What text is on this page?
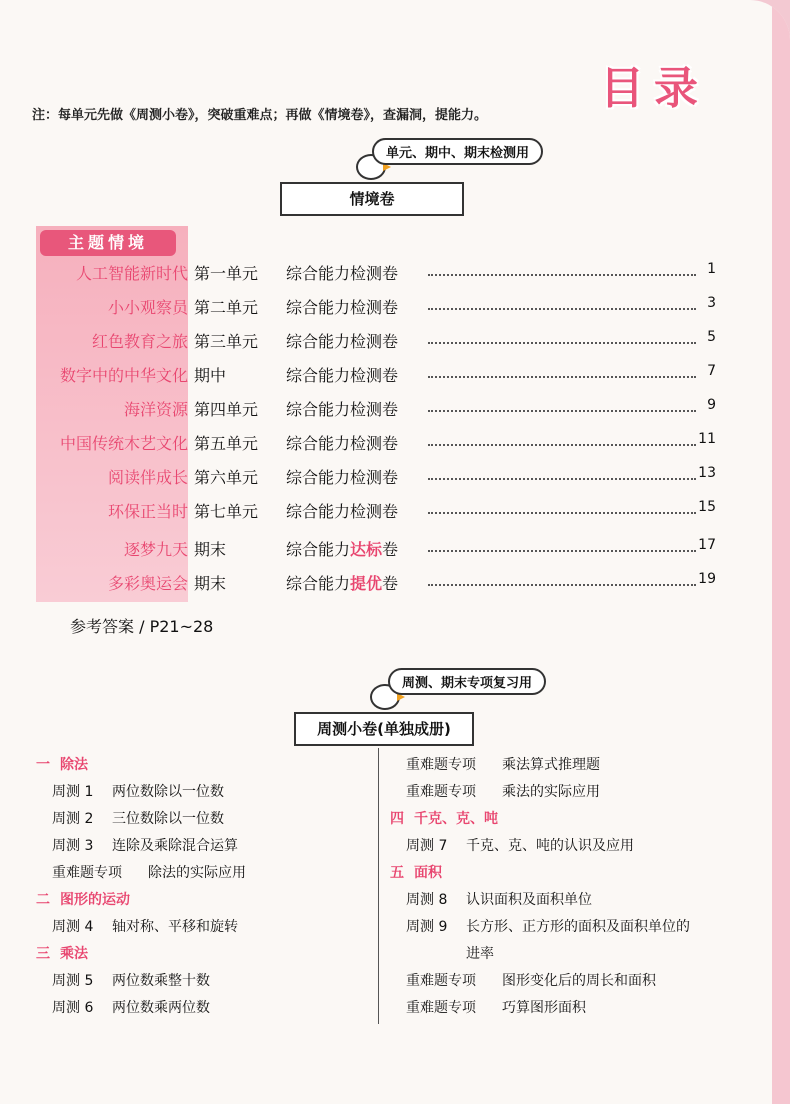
目录
注：每单元先做《周测小卷》，突破重难点；再做《情境卷》，查漏洞，提能力。
单元、期中、期末检测用
情境卷
主题情境
人工智能新时代 第一单元 综合能力检测卷	1
小小观察员 第二单元 综合能力检测卷	3
红色教育之旅 第三单元 综合能力检测卷	5
数字中的中华文化 期中	综合能力检测卷	7
海洋资源 第四单元 综合能力检测卷	9
中国传统木艺文化 第五单元 综合能力检测卷	11
阅读伴成长 第六单元 综合能力检测卷	13
环保正当时 第七单元 综合能力检测卷	15
逐梦九天 期末	综合能力达标卷	17
多彩奥运会 期末	综合能力提优卷	19
参考答案 / P21~28
周测、期末专项复习用
周测小卷(单独成册)
一 除法
周测 1 两位数除以一位数
周测 2 三位数除以一位数
周测 3 连除及乘除混合运算
重难题专项 除法的实际应用
二 图形的运动
周测 4 轴对称、平移和旋转
三 乘法
周测 5 两位数乘整十数
周测 6 两位数乘两位数
重难题专项 乘法算式推理题
重难题专项 乘法的实际应用
四 千克、克、吨
周测 7 千克、克、吨的认识及应用
五 面积
周测 8 认识面积及面积单位
周测 9 长方形、正方形的面积及面积单位的
进率
重难题专项 图形变化后的周长和面积
重难题专项 巧算图形面积
